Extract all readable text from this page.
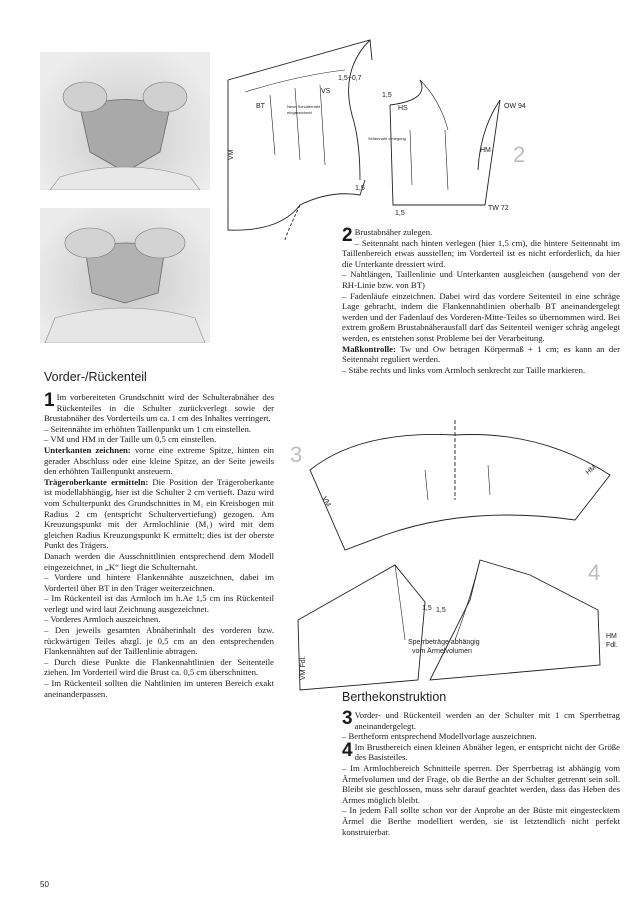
1,5+0,7
BT
VS
VM
1,5
Neue Schulternaht
eingezeichnet
1,5
HS	OW 94
HM 2
1,5
TW 72
Seitennaht verlegung
3
VM
HM
4
VM Fdl.
1,5 1,5
Sperrbeträge abhängig
vom Ärmelvolumen
HM
Fdl.
Vorder-/Rückenteil

1 Im vorbereiteten Grundschnitt wird der Schulterabnäher des Rückenteiles in die Schulter zurückverlegt sowie der Brustabnäher des Vorderteils um ca. 1 cm des Inhaltes verringert.

– Seitennähte im erhöhten Taillenpunkt um 1 cm einstellen.

– VM und HM in der Taille um 0,5 cm einstellen.

Unterkanten zeichnen: vorne eine extreme Spitze, hinten ein gerader Abschluss oder eine kleine Spitze, an der Seite jeweils den erhöhten Taillenpunkt ansteuern.

Trägeroberkante ermitteln: Die Position der Trägeroberkante ist modellabhängig, hier ist die Schulter 2 cm vertieft. Dazu wird vom Schulterpunkt des Grundschnittes in M₁ ein Kreisbogen mit Radius 2 cm (entspricht Schultervertiefung) gezogen. Am Kreuzungspunkt mit der Armlochlinie (M₁) wird mit dem gleichen Radius Kreuzungspunkt K ermittelt; dies ist der oberste Punkt des Trägers.

Danach werden die Ausschnittlinien entsprechend dem Modell eingezeichnet, in „K“ liegt die Schulternaht.

– Vordere und hintere Flankennähte auszeichnen, dabei im Vorderteil über BT in den Träger weiterzeichnen.

– Im Rückenteil ist das Armloch im h.Ae 1,5 cm ins Rückenteil verlegt und wird laut Zeichnung ausgezeichnet.

– Vorderes Armloch auszeichnen.

– Den jeweils gesamten Abnäherinhalt des vorderen bzw. rückwärtigen Teiles abzgl. je 0,5 cm an den entsprechenden Flankennähten auf der Taillenlinie abtragen.

– Durch diese Punkte die Flankennahtlinien der Seitenteile ziehen. Im Vorderteil wird die Brust ca. 0,5 cm überschnitten.

– Im Rückenteil sollten die Nahtlinien im unteren Bereich exakt aneinanderpassen.

2 Brustabnäher zulegen.

– Seitennaht nach hinten verlegen (hier 1,5 cm), die hintere Seitennaht im Taillenbereich etwas ausstellen; im Vorderteil ist es nicht erforderlich, da hier die Unterkante dressiert wird.

– Nahtlängen, Taillenlinie und Unterkanten ausgleichen (ausgehend von der RH-Linie bzw. von BT)

– Fadenläufe einzeichnen. Dabei wird das vordere Seitenteil in eine schräge Lage gebracht, indem die Flankennahtlinien oberhalb BT aneinandergelegt werden und der Fadenlauf des Vorderen-Mitte-Teiles so übernommen wird. Bei extrem großem Brustabnäherausfall darf das Seitenteil weniger schräg angelegt werden, es entstehen sonst Probleme bei der Verarbeitung.

Maßkontrolle: Tw und Ow betragen Körpermaß + 1 cm; es kann an der Seitennaht reguliert werden.

– Stäbe rechts und links vom Armloch senkrecht zur Taille markieren.

Berthekonstruktion

3 Vorder- und Rückenteil werden an der Schulter mit 1 cm Sperrbetrag aneinandergelegt.

– Bertheform entsprechend Modellvorlage auszeichnen.

4 Im Brustbereich einen kleinen Abnäher legen, er entspricht nicht der Größe des Basisteiles.

– Im Armlochbereich Schnitteile sperren. Der Sperrbetrag ist abhängig vom Ärmelvolumen und der Frage, ob die Berthe an der Schulter getrennt sein soll. Bleibt sie geschlossen, muss sehr darauf geachtet werden, dass das Heben des Armes möglich bleibt.

– In jedem Fall sollte schon vor der Anprobe an der Büste mit eingestecktem Ärmel die Berthe modelliert werden, sie ist letztendlich nicht perfekt konstruierbar.

50
